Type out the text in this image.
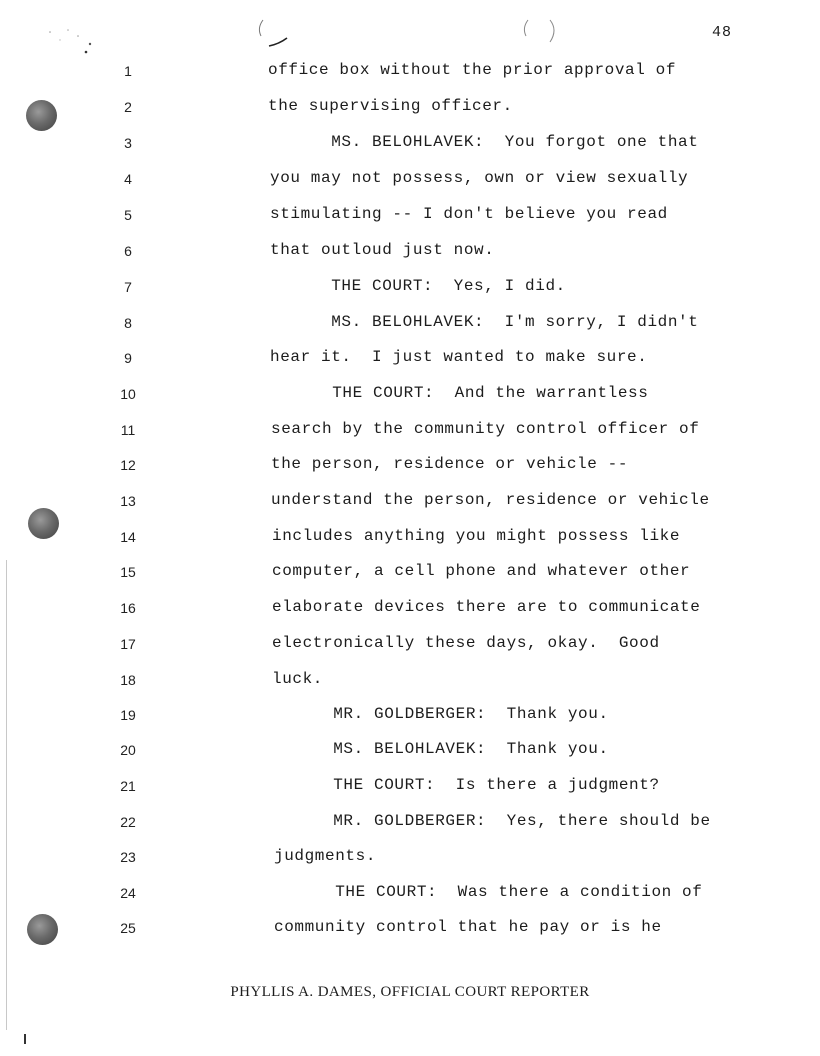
48
1	office box without the prior approval of
2	the supervising officer.
3	MS. BELOHLAVEK:  You forgot one that
4	you may not possess, own or view sexually
5	stimulating -- I don't believe you read
6	that outloud just now.
7	THE COURT:  Yes, I did.
8	MS. BELOHLAVEK:  I'm sorry, I didn't
9	hear it.  I just wanted to make sure.
10	THE COURT:  And the warrantless
11	search by the community control officer of
12	the person, residence or vehicle --
13	understand the person, residence or vehicle
14	includes anything you might possess like
15	computer, a cell phone and whatever other
16	elaborate devices there are to communicate
17	electronically these days, okay.  Good
18	luck.
19	MR. GOLDBERGER:  Thank you.
20	MS. BELOHLAVEK:  Thank you.
21	THE COURT:  Is there a judgment?
22	MR. GOLDBERGER:  Yes, there should be
23	judgments.
24	THE COURT:  Was there a condition of
25	community control that he pay or is he
PHYLLIS A. DAMES, OFFICIAL COURT REPORTER
